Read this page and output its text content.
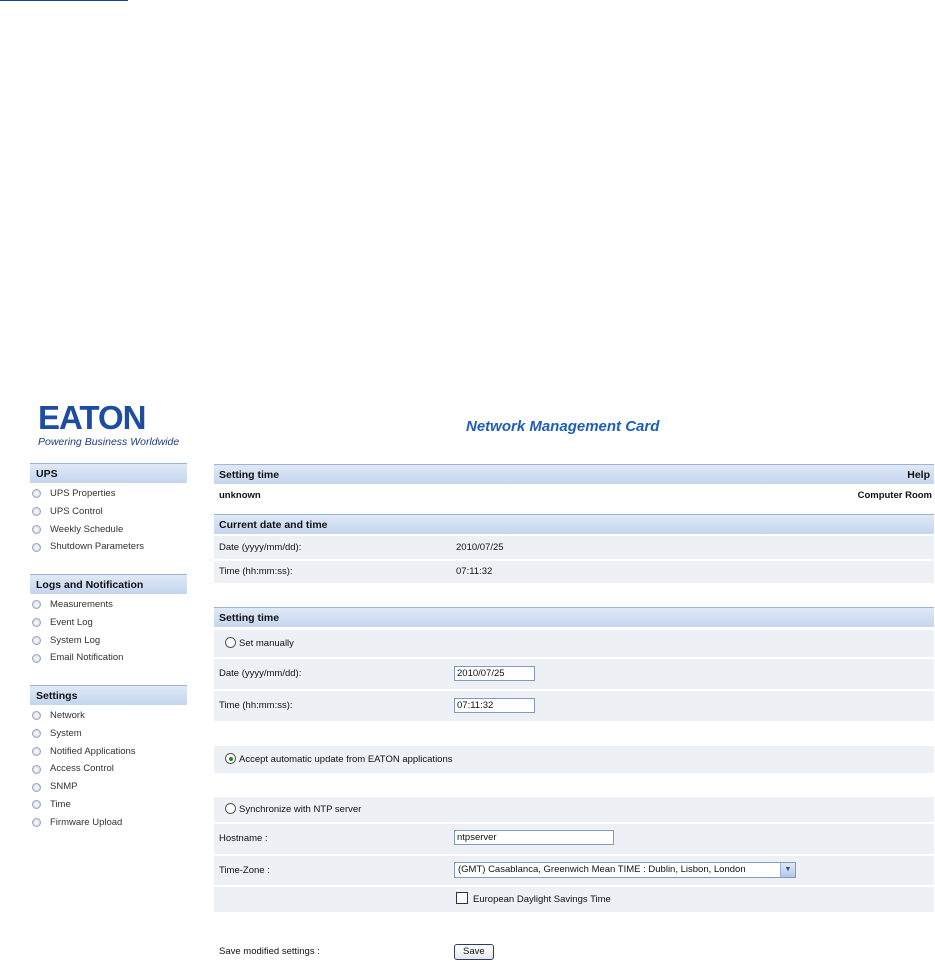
EATON
Powering Business Worldwide
Network Management Card
UPS
UPS Properties
UPS Control
Weekly Schedule
Shutdown Parameters
Logs and Notification
Measurements
Event Log
System Log
Email Notification
Settings
Network
System
Notified Applications
Access Control
SNMP
Time
Firmware Upload
Setting time	Help
unknown	Computer Room
Current date and time
Date (yyyy/mm/dd):	2010/07/25
Time (hh:mm:ss):	07:11:32
Setting time
Set manually
Date (yyyy/mm/dd):	2010/07/25
Time (hh:mm:ss):	07:11:32
Accept automatic update from EATON applications
Synchronize with NTP server
Hostname :	ntpserver
Time-Zone :	(GMT) Casablanca, Greenwich Mean TIME : Dublin, Lisbon, London	▼
European Daylight Savings Time
Save modified settings :	Save
